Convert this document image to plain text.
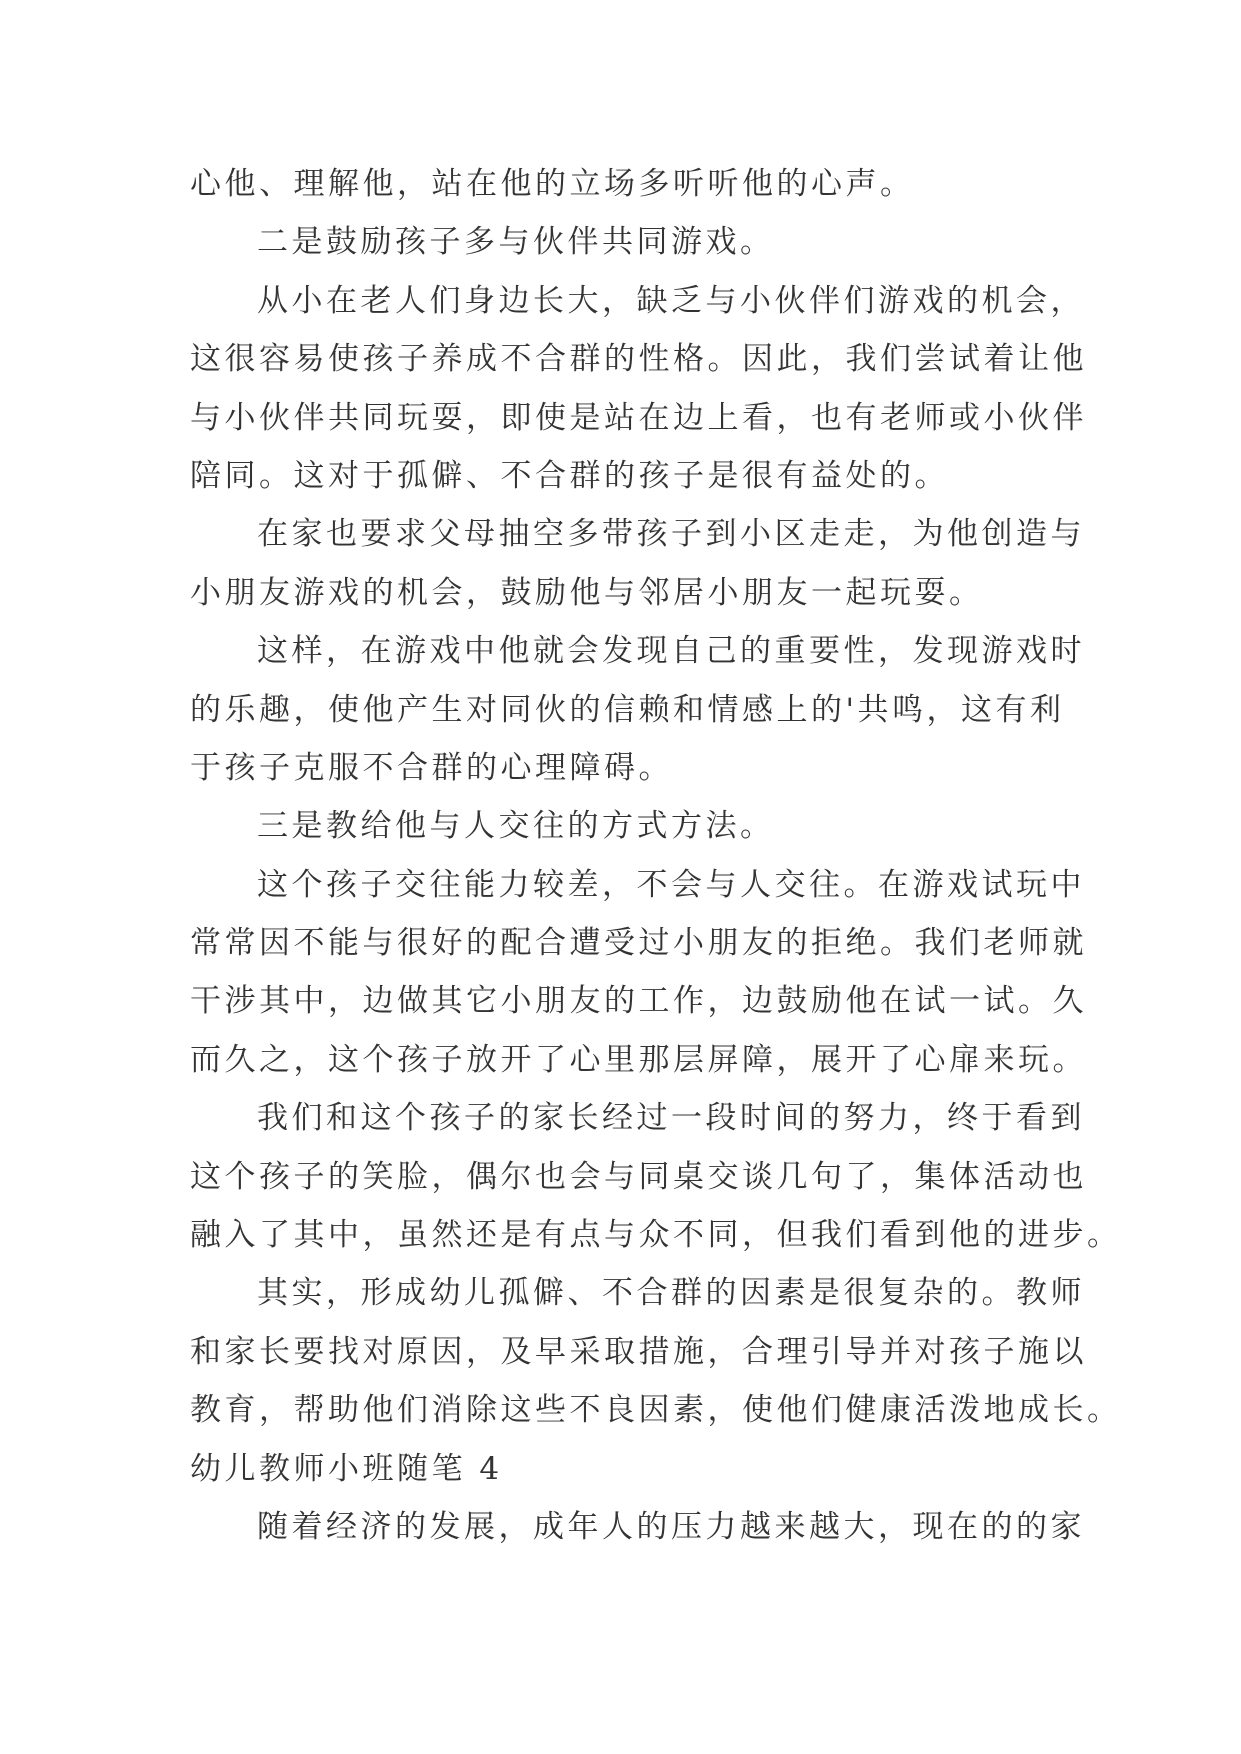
心他、理解他，站在他的立场多听听他的心声。
二是鼓励孩子多与伙伴共同游戏。
从小在老人们身边长大，缺乏与小伙伴们游戏的机会，
这很容易使孩子养成不合群的性格。因此，我们尝试着让他
与小伙伴共同玩耍，即使是站在边上看，也有老师或小伙伴
陪同。这对于孤僻、不合群的孩子是很有益处的。
在家也要求父母抽空多带孩子到小区走走，为他创造与
小朋友游戏的机会，鼓励他与邻居小朋友一起玩耍。
这样，在游戏中他就会发现自己的重要性，发现游戏时
的乐趣，使他产生对同伙的信赖和情感上的'共鸣，这有利
于孩子克服不合群的心理障碍。
三是教给他与人交往的方式方法。
这个孩子交往能力较差，不会与人交往。在游戏试玩中
常常因不能与很好的配合遭受过小朋友的拒绝。我们老师就
干涉其中，边做其它小朋友的工作，边鼓励他在试一试。久
而久之，这个孩子放开了心里那层屏障，展开了心扉来玩。
我们和这个孩子的家长经过一段时间的努力，终于看到
这个孩子的笑脸，偶尔也会与同桌交谈几句了，集体活动也
融入了其中，虽然还是有点与众不同，但我们看到他的进步。
其实，形成幼儿孤僻、不合群的因素是很复杂的。教师
和家长要找对原因，及早采取措施，合理引导并对孩子施以
教育，帮助他们消除这些不良因素，使他们健康活泼地成长。
幼儿教师小班随笔 4
随着经济的发展，成年人的压力越来越大，现在的的家
